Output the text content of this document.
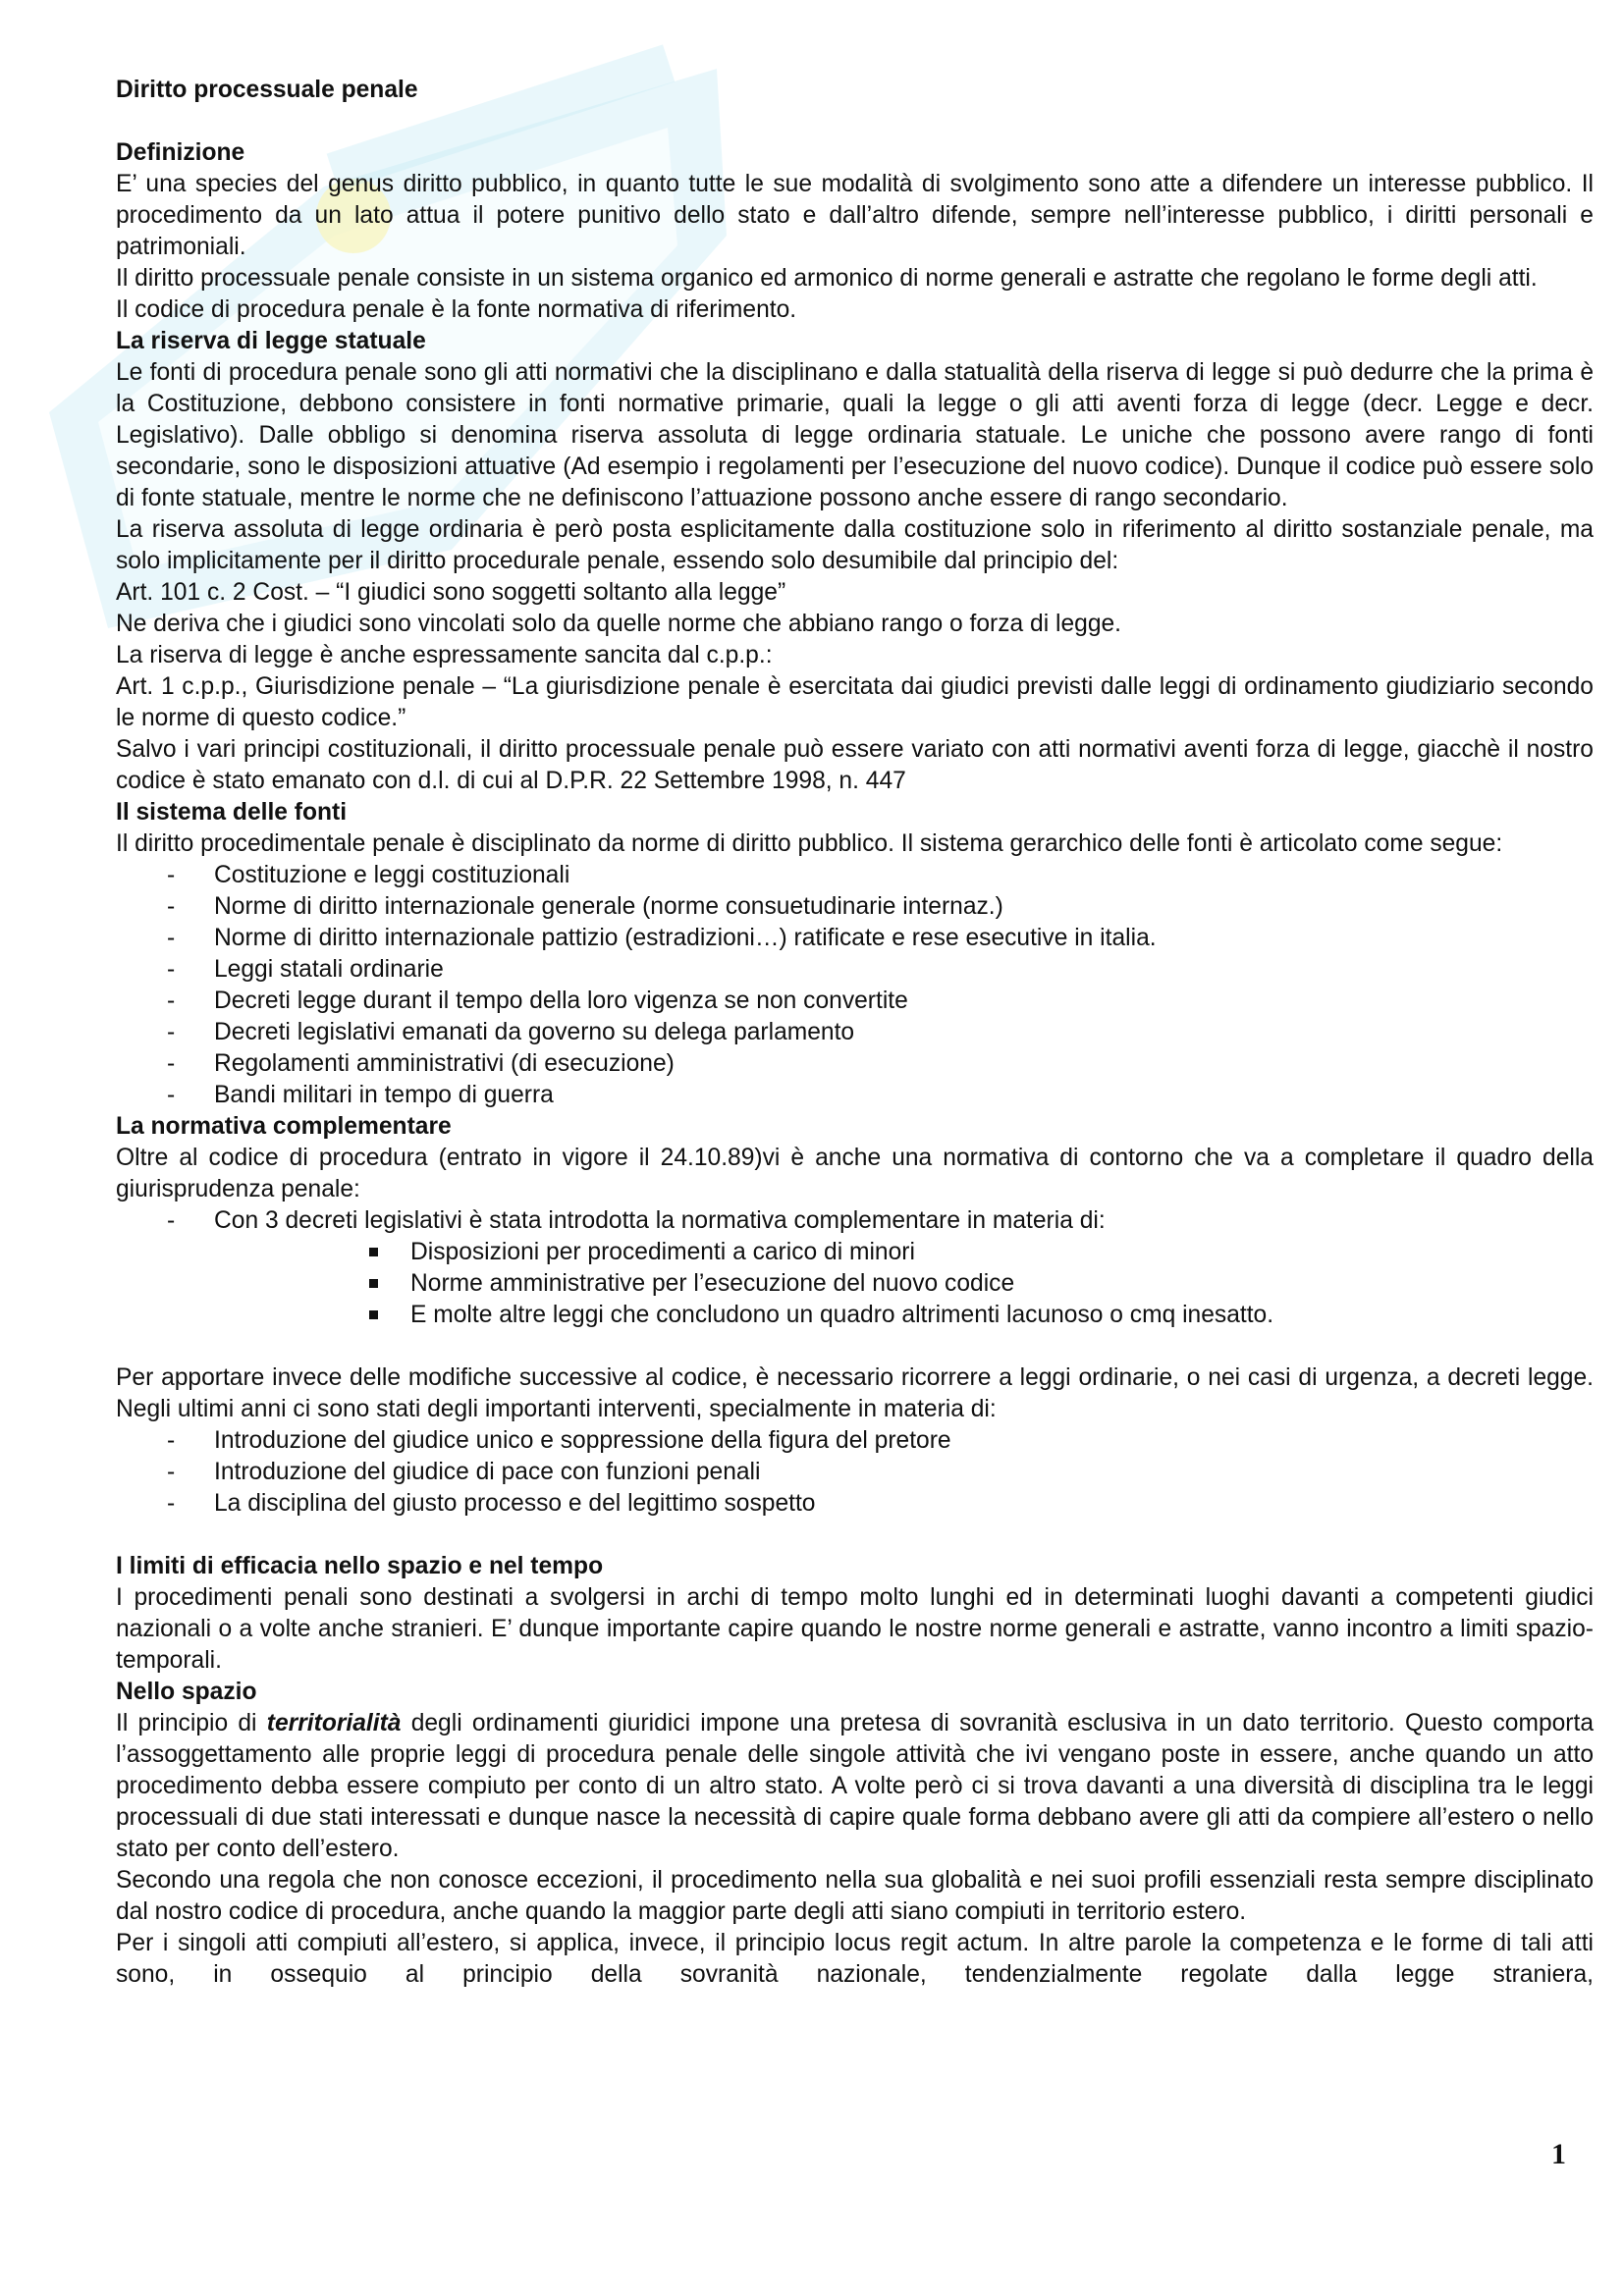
Diritto processuale penale
Definizione

E’ una species del genus diritto pubblico, in quanto tutte le sue modalità di svolgimento sono atte a difendere un interesse pubblico. Il procedimento da un lato attua il potere punitivo dello stato e dall’altro difende, sempre nell’interesse pubblico, i diritti personali e patrimoniali.

Il diritto processuale penale consiste in un sistema organico ed armonico di norme generali e astratte che regolano le forme degli atti.

Il codice di procedura penale è la fonte normativa di riferimento.

La riserva di legge statuale

Le fonti di procedura penale sono gli atti normativi che la disciplinano e dalla statualità della riserva di legge si può dedurre che la prima è la Costituzione, debbono consistere in fonti normative primarie, quali la legge o gli atti aventi forza di legge (decr. Legge e decr. Legislativo). Dalle obbligo si denomina riserva assoluta di legge ordinaria statuale. Le uniche che possono avere rango di fonti secondarie, sono le disposizioni attuative (Ad esempio i regolamenti per l’esecuzione del nuovo codice). Dunque il codice può essere solo di fonte statuale, mentre le norme che ne definiscono l’attuazione possono anche essere di rango secondario.

La riserva assoluta di legge ordinaria è però posta esplicitamente dalla costituzione solo in riferimento al diritto sostanziale penale, ma solo implicitamente per il diritto procedurale penale, essendo solo desumibile dal principio del:

Art. 101 c. 2 Cost. – “I giudici sono soggetti soltanto alla legge”

Ne deriva che i giudici sono vincolati solo da quelle norme che abbiano rango o forza di legge.

La riserva di legge è anche espressamente sancita dal c.p.p.:

Art. 1 c.p.p., Giurisdizione penale – “La giurisdizione penale è esercitata dai giudici previsti dalle leggi di ordinamento giudiziario secondo le norme di questo codice.”

Salvo i vari principi costituzionali, il diritto processuale penale può essere variato con atti normativi aventi forza di legge, giacchè il nostro codice è stato emanato con d.l. di cui al D.P.R. 22 Settembre 1998, n. 447

Il sistema delle fonti

Il diritto procedimentale penale è disciplinato da norme di diritto pubblico. Il sistema gerarchico delle fonti è articolato come segue:

- Costituzione e leggi costituzionali
- Norme di diritto internazionale generale (norme consuetudinarie internaz.)
- Norme di diritto internazionale pattizio (estradizioni…) ratificate e rese esecutive in italia.
- Leggi statali ordinarie
- Decreti legge durant il tempo della loro vigenza se non convertite
- Decreti legislativi emanati da governo su delega parlamento
- Regolamenti amministrativi (di esecuzione)
- Bandi militari in tempo di guerra
La normativa complementare

Oltre al codice di procedura (entrato in vigore il 24.10.89)vi è anche una normativa di contorno che va a completare il quadro della giurisprudenza penale:

- Con 3 decreti legislativi è stata introdotta la normativa complementare in materia di:
Disposizioni per procedimenti a carico di minori
Norme amministrative per l’esecuzione del nuovo codice
E molte altre leggi che concludono un quadro altrimenti lacunoso o cmq inesatto.

Per apportare invece delle modifiche successive al codice, è necessario ricorrere a leggi ordinarie, o nei casi di urgenza, a decreti legge. Negli ultimi anni ci sono stati degli importanti interventi, specialmente in materia di:

- Introduzione del giudice unico e soppressione della figura del pretore
- Introduzione del giudice di pace con funzioni penali
- La disciplina del giusto processo e del legittimo sospetto
I limiti di efficacia nello spazio e nel tempo

I procedimenti penali sono destinati a svolgersi in archi di tempo molto lunghi ed in determinati luoghi davanti a competenti giudici nazionali o a volte anche stranieri. E’ dunque importante capire quando le nostre norme generali e astratte, vanno incontro a limiti spazio-temporali.

Nello spazio

Il principio di territorialità degli ordinamenti giuridici impone una pretesa di sovranità esclusiva in un dato territorio. Questo comporta l’assoggettamento alle proprie leggi di procedura penale delle singole attività che ivi vengano poste in essere, anche quando un atto procedimento debba essere compiuto per conto di un altro stato. A volte però ci si trova davanti a una diversità di disciplina tra le leggi processuali di due stati interessati e dunque nasce la necessità di capire quale forma debbano avere gli atti da compiere all’estero o nello stato per conto dell’estero.

Secondo una regola che non conosce eccezioni, il procedimento nella sua globalità e nei suoi profili essenziali resta sempre disciplinato dal nostro codice di procedura, anche quando la maggior parte degli atti siano compiuti in territorio estero.

Per i singoli atti compiuti all’estero, si applica, invece, il principio locus regit actum. In altre parole la competenza e le forme di tali atti sono, in ossequio al principio della sovranità nazionale, tendenzialmente regolate dalla legge straniera,

1
